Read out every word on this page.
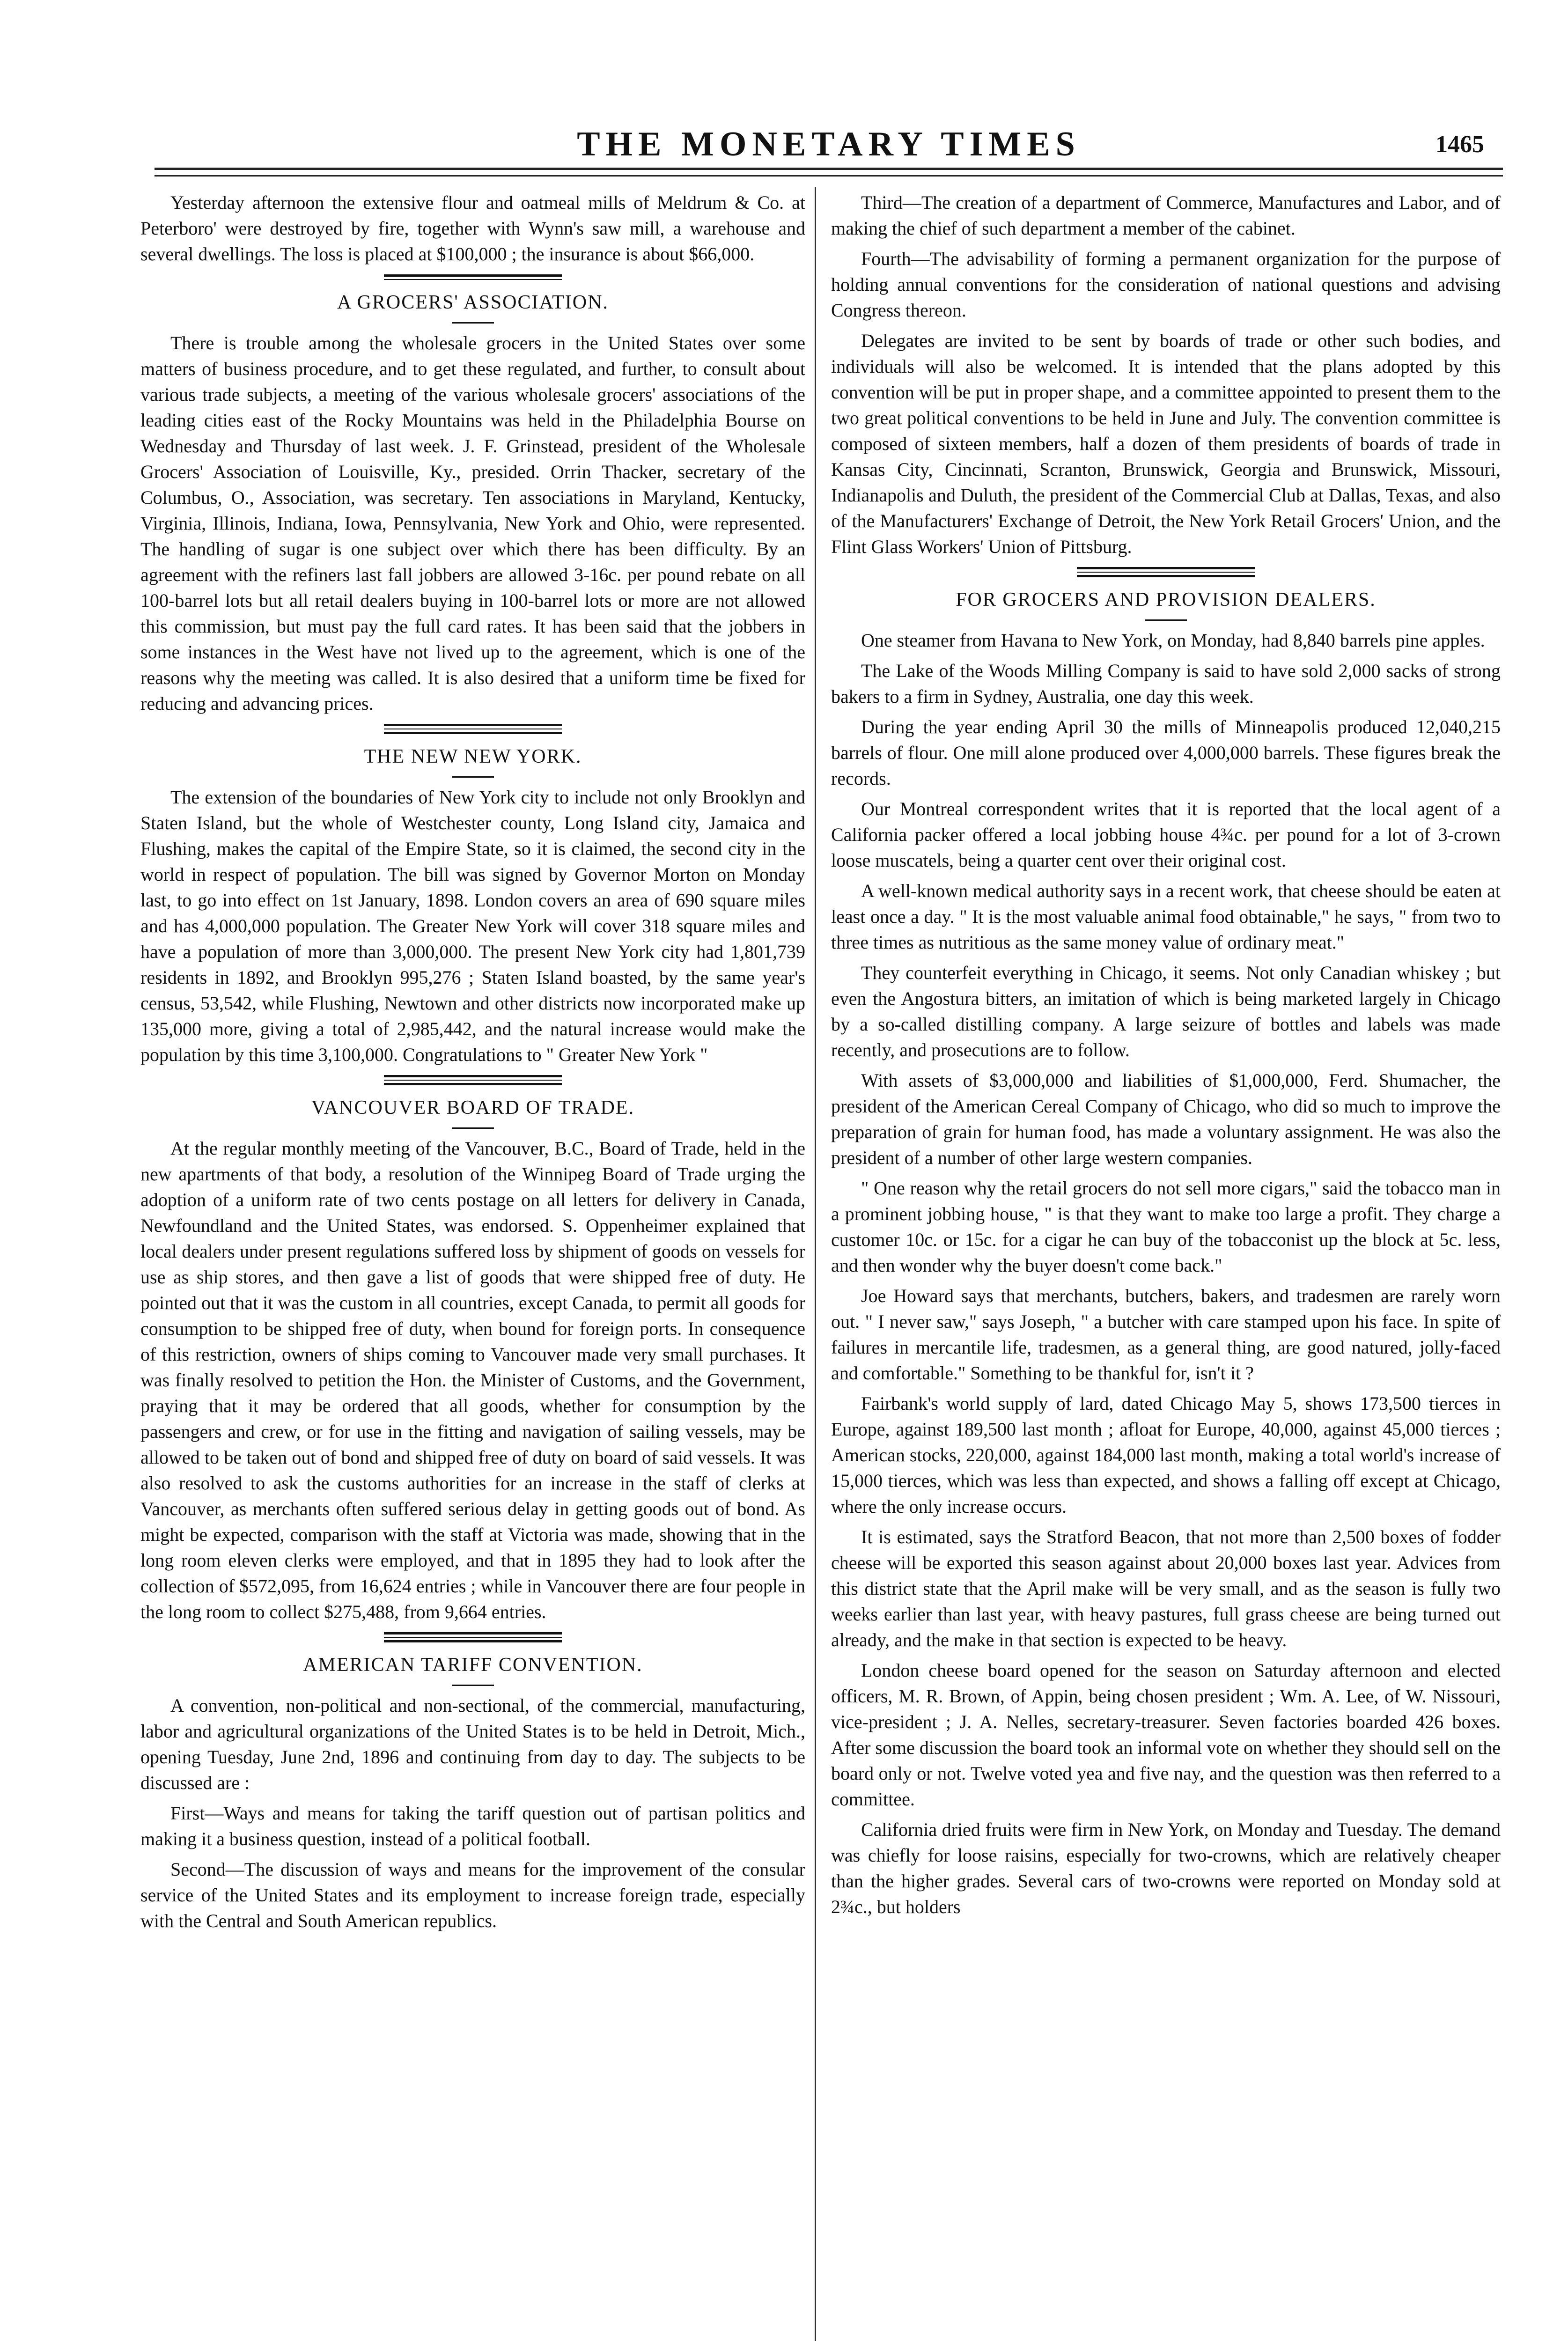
THE MONETARY TIMES	1465

Yesterday afternoon the extensive flour and oatmeal mills of Meldrum & Co. at Peterboro' were destroyed by fire, together with Wynn's saw mill, a warehouse and several dwellings. The loss is placed at $100,000 ; the insurance is about $66,000.

A GROCERS' ASSOCIATION.

There is trouble among the wholesale grocers in the United States over some matters of business procedure, and to get these regulated, and further, to consult about various trade subjects, a meeting of the various wholesale grocers' associations of the leading cities east of the Rocky Mountains was held in the Philadelphia Bourse on Wednesday and Thursday of last week. J. F. Grinstead, president of the Wholesale Grocers' Association of Louisville, Ky., presided. Orrin Thacker, secretary of the Columbus, O., Association, was secretary. Ten associations in Maryland, Kentucky, Virginia, Illinois, Indiana, Iowa, Pennsylvania, New York and Ohio, were represented. The handling of sugar is one subject over which there has been difficulty. By an agreement with the refiners last fall jobbers are allowed 3-16c. per pound rebate on all 100-barrel lots but all retail dealers buying in 100-barrel lots or more are not allowed this commission, but must pay the full card rates. It has been said that the jobbers in some instances in the West have not lived up to the agreement, which is one of the reasons why the meeting was called. It is also desired that a uniform time be fixed for reducing and advancing prices.

THE NEW NEW YORK.

The extension of the boundaries of New York city to include not only Brooklyn and Staten Island, but the whole of Westchester county, Long Island city, Jamaica and Flushing, makes the capital of the Empire State, so it is claimed, the second city in the world in respect of population. The bill was signed by Governor Morton on Monday last, to go into effect on 1st January, 1898. London covers an area of 690 square miles and has 4,000,000 population. The Greater New York will cover 318 square miles and have a population of more than 3,000,000. The present New York city had 1,801,739 residents in 1892, and Brooklyn 995,276 ; Staten Island boasted, by the same year's census, 53,542, while Flushing, Newtown and other districts now incorporated make up 135,000 more, giving a total of 2,985,442, and the natural increase would make the population by this time 3,100,000. Congratulations to " Greater New York "

VANCOUVER BOARD OF TRADE.

At the regular monthly meeting of the Vancouver, B.C., Board of Trade, held in the new apartments of that body, a resolution of the Winnipeg Board of Trade urging the adoption of a uniform rate of two cents postage on all letters for delivery in Canada, Newfoundland and the United States, was endorsed. S. Oppenheimer explained that local dealers under present regulations suffered loss by shipment of goods on vessels for use as ship stores, and then gave a list of goods that were shipped free of duty. He pointed out that it was the custom in all countries, except Canada, to permit all goods for consumption to be shipped free of duty, when bound for foreign ports. In consequence of this restriction, owners of ships coming to Vancouver made very small purchases. It was finally resolved to petition the Hon. the Minister of Customs, and the Government, praying that it may be ordered that all goods, whether for consumption by the passengers and crew, or for use in the fitting and navigation of sailing vessels, may be allowed to be taken out of bond and shipped free of duty on board of said vessels. It was also resolved to ask the customs authorities for an increase in the staff of clerks at Vancouver, as merchants often suffered serious delay in getting goods out of bond. As might be expected, comparison with the staff at Victoria was made, showing that in the long room eleven clerks were employed, and that in 1895 they had to look after the collection of $572,095, from 16,624 entries ; while in Vancouver there are four people in the long room to collect $275,488, from 9,664 entries.

AMERICAN TARIFF CONVENTION.

A convention, non-political and non-sectional, of the commercial, manufacturing, labor and agricultural organizations of the United States is to be held in Detroit, Mich., opening Tuesday, June 2nd, 1896 and continuing from day to day. The subjects to be discussed are :

First—Ways and means for taking the tariff question out of partisan politics and making it a business question, instead of a political football.

Second—The discussion of ways and means for the improvement of the consular service of the United States and its employment to increase foreign trade, especially with the Central and South American republics.

Third—The creation of a department of Commerce, Manufactures and Labor, and of making the chief of such department a member of the cabinet.

Fourth—The advisability of forming a permanent organization for the purpose of holding annual conventions for the consideration of national questions and advising Congress thereon.

Delegates are invited to be sent by boards of trade or other such bodies, and individuals will also be welcomed. It is intended that the plans adopted by this convention will be put in proper shape, and a committee appointed to present them to the two great political conventions to be held in June and July. The convention committee is composed of sixteen members, half a dozen of them presidents of boards of trade in Kansas City, Cincinnati, Scranton, Brunswick, Georgia and Brunswick, Missouri, Indianapolis and Duluth, the president of the Commercial Club at Dallas, Texas, and also of the Manufacturers' Exchange of Detroit, the New York Retail Grocers' Union, and the Flint Glass Workers' Union of Pittsburg.

FOR GROCERS AND PROVISION DEALERS.

One steamer from Havana to New York, on Monday, had 8,840 barrels pine apples.

The Lake of the Woods Milling Company is said to have sold 2,000 sacks of strong bakers to a firm in Sydney, Australia, one day this week.

During the year ending April 30 the mills of Minneapolis produced 12,040,215 barrels of flour. One mill alone produced over 4,000,000 barrels. These figures break the records.

Our Montreal correspondent writes that it is reported that the local agent of a California packer offered a local jobbing house 4¾c. per pound for a lot of 3-crown loose muscatels, being a quarter cent over their original cost.

A well-known medical authority says in a recent work, that cheese should be eaten at least once a day. " It is the most valuable animal food obtainable," he says, " from two to three times as nutritious as the same money value of ordinary meat."

They counterfeit everything in Chicago, it seems. Not only Canadian whiskey ; but even the Angostura bitters, an imitation of which is being marketed largely in Chicago by a so-called distilling company. A large seizure of bottles and labels was made recently, and prosecutions are to follow.

With assets of $3,000,000 and liabilities of $1,000,000, Ferd. Shumacher, the president of the American Cereal Company of Chicago, who did so much to improve the preparation of grain for human food, has made a voluntary assignment. He was also the president of a number of other large western companies.

" One reason why the retail grocers do not sell more cigars," said the tobacco man in a prominent jobbing house, " is that they want to make too large a profit. They charge a customer 10c. or 15c. for a cigar he can buy of the tobacconist up the block at 5c. less, and then wonder why the buyer doesn't come back."

Joe Howard says that merchants, butchers, bakers, and tradesmen are rarely worn out. " I never saw," says Joseph, " a butcher with care stamped upon his face. In spite of failures in mercantile life, tradesmen, as a general thing, are good natured, jolly-faced and comfortable." Something to be thankful for, isn't it ?

Fairbank's world supply of lard, dated Chicago May 5, shows 173,500 tierces in Europe, against 189,500 last month ; afloat for Europe, 40,000, against 45,000 tierces ; American stocks, 220,000, against 184,000 last month, making a total world's increase of 15,000 tierces, which was less than expected, and shows a falling off except at Chicago, where the only increase occurs.

It is estimated, says the Stratford Beacon, that not more than 2,500 boxes of fodder cheese will be exported this season against about 20,000 boxes last year. Advices from this district state that the April make will be very small, and as the season is fully two weeks earlier than last year, with heavy pastures, full grass cheese are being turned out already, and the make in that section is expected to be heavy.

London cheese board opened for the season on Saturday afternoon and elected officers, M. R. Brown, of Appin, being chosen president ; Wm. A. Lee, of W. Nissouri, vice-president ; J. A. Nelles, secretary-treasurer. Seven factories boarded 426 boxes. After some discussion the board took an informal vote on whether they should sell on the board only or not. Twelve voted yea and five nay, and the question was then referred to a committee.

California dried fruits were firm in New York, on Monday and Tuesday. The demand was chiefly for loose raisins, especially for two-crowns, which are relatively cheaper than the higher grades. Several cars of two-crowns were reported on Monday sold at 2¾c., but holders
